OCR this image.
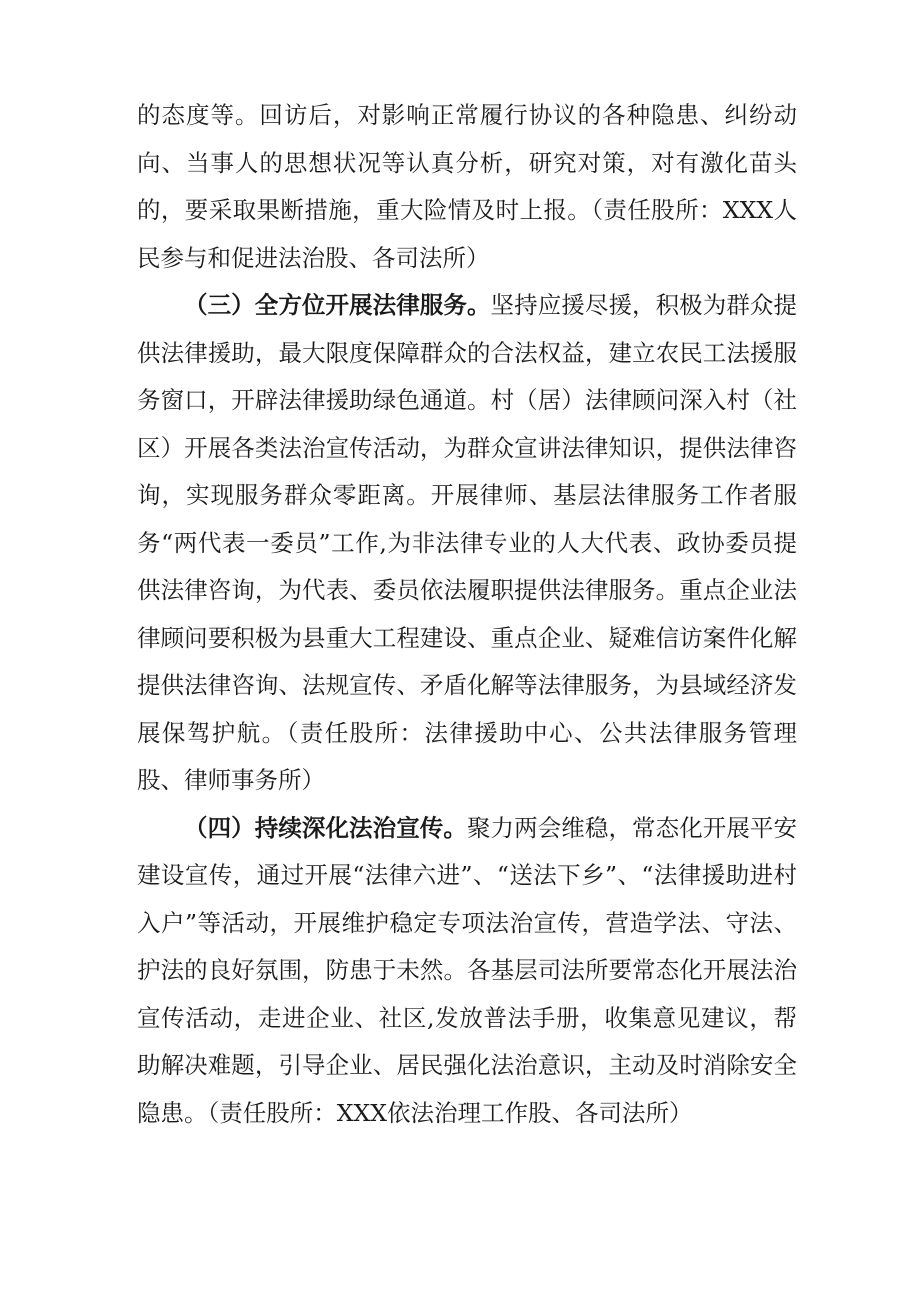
的态度等。回访后，对影响正常履行协议的各种隐患、纠纷动向、当事人的思想状况等认真分析，研究对策，对有激化苗头的，要采取果断措施，重大险情及时上报。（责任股所：XXX人民参与和促进法治股、各司法所）

（三）全方位开展法律服务。坚持应援尽援，积极为群众提供法律援助，最大限度保障群众的合法权益，建立农民工法援服务窗口，开辟法律援助绿色通道。村（居）法律顾问深入村（社区）开展各类法治宣传活动，为群众宣讲法律知识，提供法律咨询，实现服务群众零距离。开展律师、基层法律服务工作者服务“两代表一委员”工作,为非法律专业的人大代表、政协委员提供法律咨询，为代表、委员依法履职提供法律服务。重点企业法律顾问要积极为县重大工程建设、重点企业、疑难信访案件化解提供法律咨询、法规宣传、矛盾化解等法律服务，为县域经济发展保驾护航。（责任股所：法律援助中心、公共法律服务管理股、律师事务所）

（四）持续深化法治宣传。聚力两会维稳，常态化开展平安建设宣传，通过开展“法律六进”、“送法下乡”、“法律援助进村入户”等活动，开展维护稳定专项法治宣传，营造学法、守法、护法的良好氛围，防患于未然。各基层司法所要常态化开展法治宣传活动，走进企业、社区,发放普法手册，收集意见建议，帮助解决难题，引导企业、居民强化法治意识，主动及时消除安全隐患。（责任股所：XXX依法治理工作股、各司法所）
